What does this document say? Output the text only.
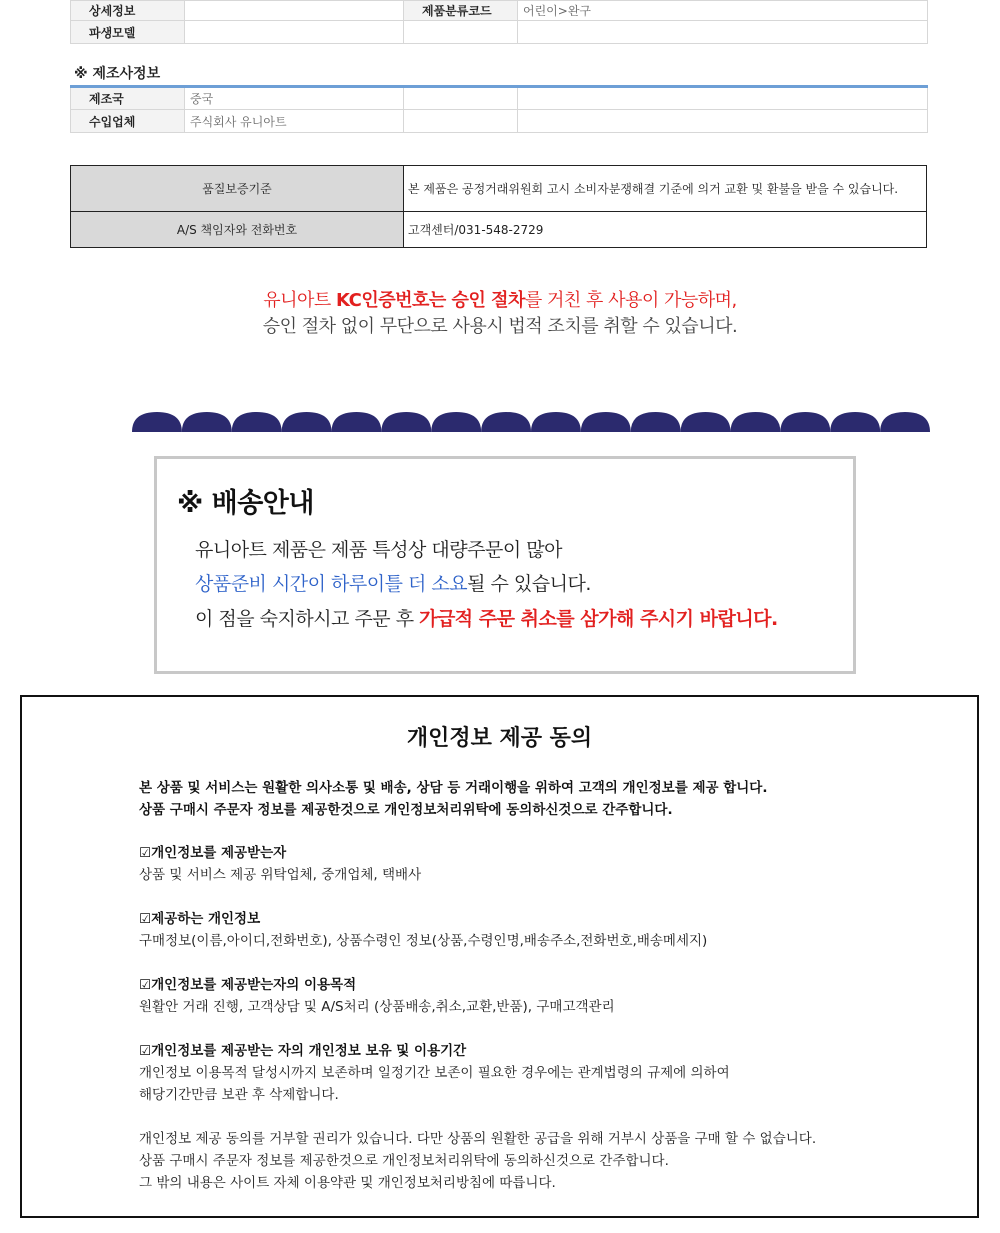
상세정보		제품분류코드	어린이>완구
파생모델			
※ 제조사정보
제조국	중국		
수입업체	주식회사 유니아트		
품질보증기준	본 제품은 공정거래위원회 고시 소비자분쟁해결 기준에 의거 교환 및 환불을 받을 수 있습니다.
A/S 책임자와 전화번호	고객센터/031-548-2729
유니아트 KC인증번호는 승인 절차를 거친 후 사용이 가능하며,
승인 절차 없이 무단으로 사용시 법적 조치를 취할 수 있습니다.
※ 배송안내
유니아트 제품은 제품 특성상 대량주문이 많아
상품준비 시간이 하루이틀 더 소요될 수 있습니다.
이 점을 숙지하시고 주문 후 가급적 주문 취소를 삼가해 주시기 바랍니다.
개인정보 제공 동의
본 상품 및 서비스는 원활한 의사소통 및 배송, 상담 등 거래이행을 위하여 고객의 개인정보를 제공 합니다.
상품 구매시 주문자 정보를 제공한것으로 개인정보처리위탁에 동의하신것으로 간주합니다.
☑개인정보를 제공받는자
상품 및 서비스 제공 위탁업체, 중개업체, 택배사
☑제공하는 개인정보
구매정보(이름,아이디,전화번호), 상품수령인 정보(상품,수령인명,배송주소,전화번호,배송메세지)
☑개인정보를 제공받는자의 이용목적
원활안 거래 진행, 고객상담 및 A/S처리 (상품배송,취소,교환,반품), 구매고객관리
☑개인정보를 제공받는 자의 개인정보 보유 및 이용기간
개인정보 이용목적 달성시까지 보존하며 일정기간 보존이 필요한 경우에는 관계법령의 규제에 의하여
해당기간만큼 보관 후 삭제합니다.
개인정보 제공 동의를 거부할 권리가 있습니다. 다만 상품의 원활한 공급을 위해 거부시 상품을 구매 할 수 없습니다.
상품 구매시 주문자 정보를 제공한것으로 개인정보처리위탁에 동의하신것으로 간주합니다.
그 밖의 내용은 사이트 자체 이용약관 및 개인정보처리방침에 따릅니다.
